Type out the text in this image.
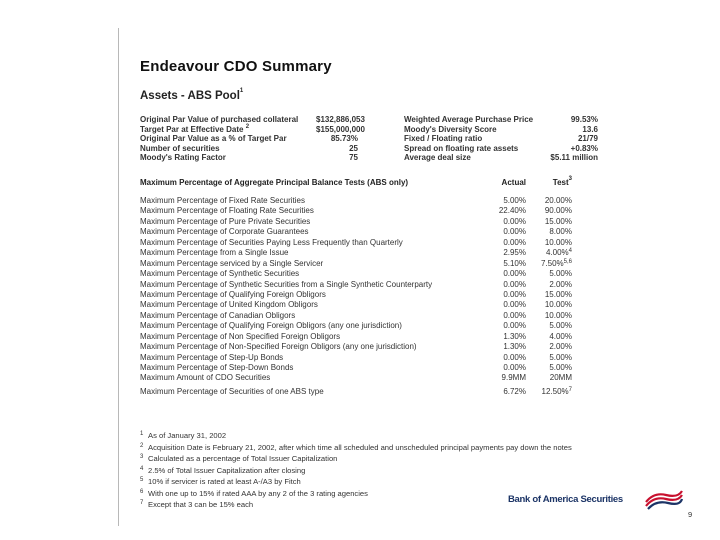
Endeavour CDO Summary
Assets - ABS Pool$^1$
Original Par Value of purchased collateral	$132,886,053
Target Par at Effective Date $^2$	$155,000,000
Original Par Value as a % of Target Par	85.73%
Number of securities	25
Moody's Rating Factor	75
Weighted Average Purchase Price	99.53%
Moody's Diversity Score	13.6
Fixed / Floating ratio	21/79
Spread on floating rate assets	+0.83%
Average deal size	$5.11 million
Maximum Percentage of Aggregate Principal Balance Tests (ABS only)	Actual	Test$^3$
Maximum Percentage of Fixed Rate Securities	5.00%	20.00%
Maximum Percentage of Floating Rate Securities	22.40%	90.00%
Maximum Percentage of Pure Private Securities	0.00%	15.00%
Maximum Percentage of Corporate Guarantees	0.00%	8.00%
Maximum Percentage of Securities Paying Less Frequently than Quarterly	0.00%	10.00%
Maximum Percentage from a Single Issue	2.95%	4.00%$^4$
Maximum Percentage serviced by a Single Servicer	5.10%	7.50%$^{5,6}$
Maximum Percentage of Synthetic Securities	0.00%	5.00%
Maximum Percentage of Synthetic Securities from a Single Synthetic Counterparty	0.00%	2.00%
Maximum Percentage of Qualifying Foreign Obligors	0.00%	15.00%
Maximum Percentage of United Kingdom Obligors	0.00%	10.00%
Maximum Percentage of Canadian Obligors	0.00%	10.00%
Maximum Percentage of Qualifying Foreign Obligors (any one jurisdiction)	0.00%	5.00%
Maximum Percentage of Non Specified Foreign Obligors	1.30%	4.00%
Maximum Percentage of Non-Specified Foreign Obligors (any one jurisdiction)	1.30%	2.00%
Maximum Percentage of Step-Up Bonds	0.00%	5.00%
Maximum Percentage of Step-Down Bonds	0.00%	5.00%
Maximum Amount of CDO Securities	9.9MM	20MM
Maximum Percentage of Securities of one ABS type	6.72%	12.50%$^7$
1 As of January 31, 2002
2 Acquisition Date is February 21, 2002, after which time all scheduled and unscheduled principal payments pay down the notes
3 Calculated as a percentage of Total Issuer Capitalization
4 2.5% of Total Issuer Capitalization after closing
5 10% if servicer is rated at least A-/A3 by Fitch
6 With one up to 15% if rated AAA by any 2 of the 3 rating agencies
7 Except that 3 can be 15% each	Bank of America Securities
9
